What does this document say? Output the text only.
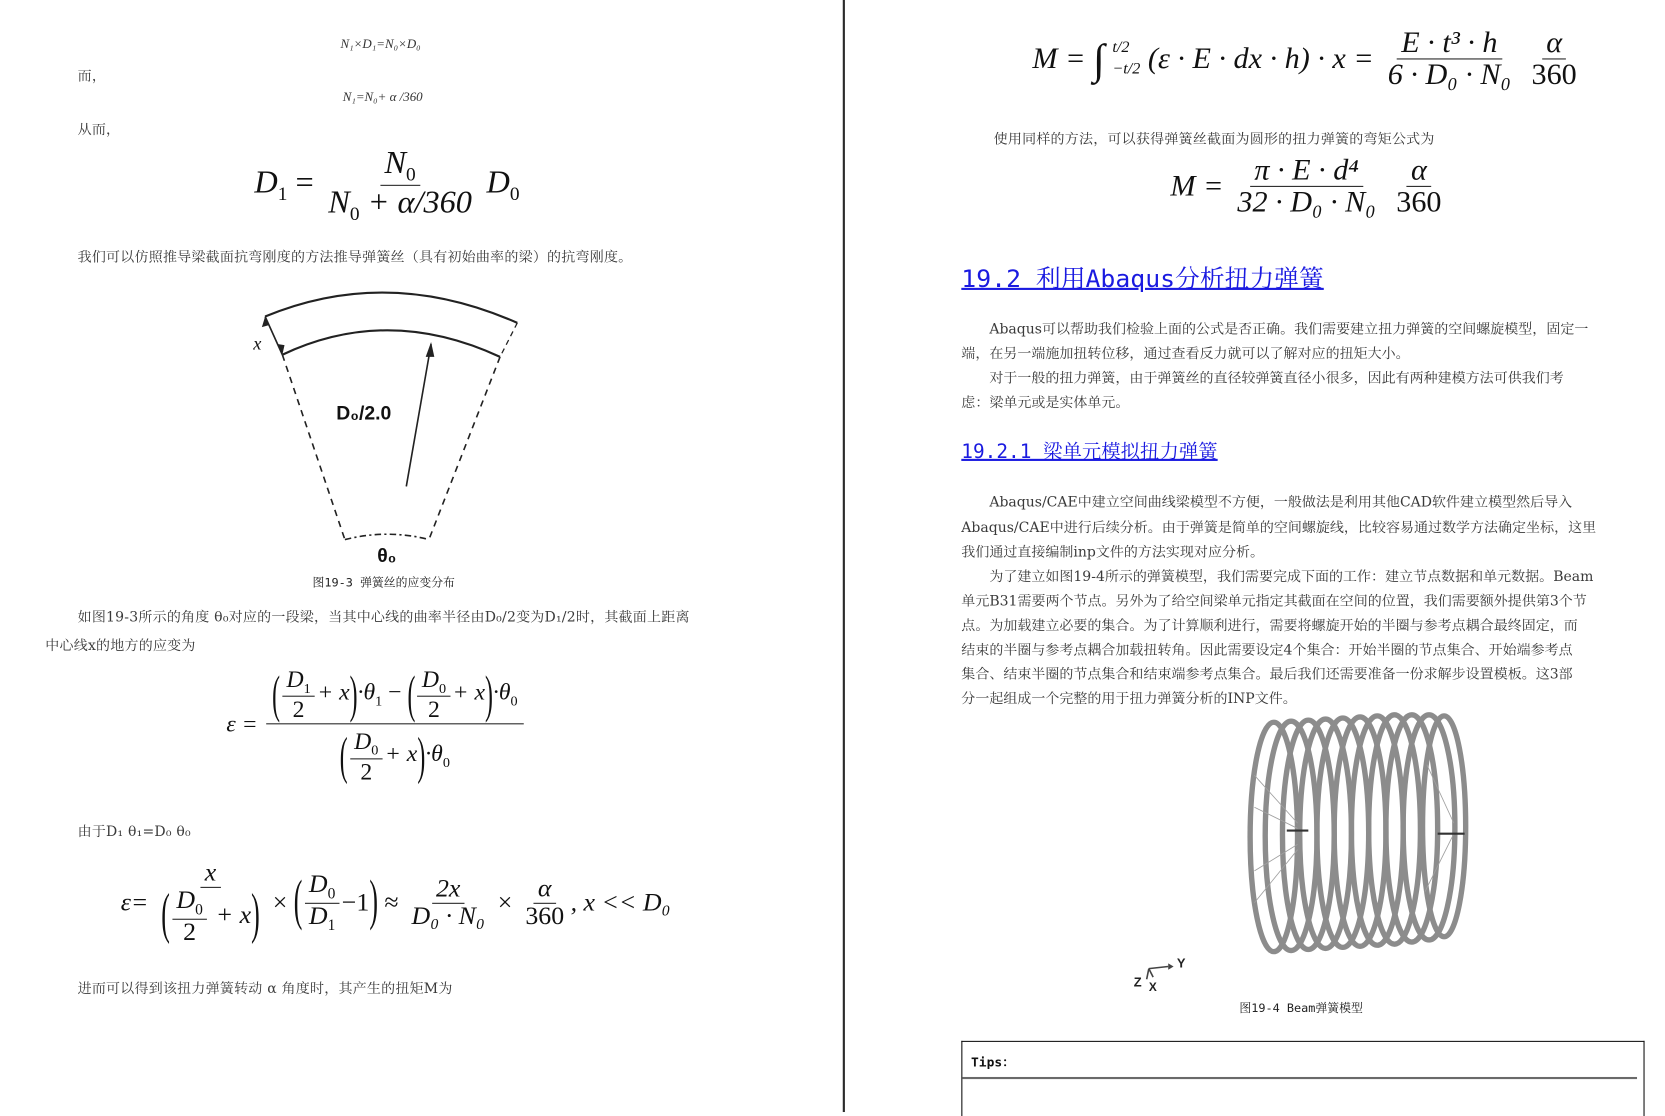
N₁×D₁=N₀×D₀
而，
N₁=N₀+ α /360
从而，
$D_1 = \frac{N_0}{N_0 + \alpha/360} D_0$
我们可以仿照推导梁截面抗弯刚度的方法推导弹簧丝（具有初始曲率的梁）的抗弯刚度。
x
D₀/2.0
θ₀
图19-3 弹簧丝的应变分布
如图19-3所示的角度 θ₀对应的一段梁，当其中心线的曲率半径由D₀/2变为D₁/2时，其截面上距离
中心线x的地方的应变为
$\varepsilon = \frac{( \frac{D_1}{2} + x)\cdot\theta_1 - ( \frac{D_0}{2} + x)\cdot\theta_0}{( \frac{D_0}{2} + x)\cdot\theta_0}$
由于D₁ θ₁=D₀ θ₀
$\varepsilon= \frac{x}{( \frac{D_0}{2} + x)}$ × ( $\frac{D_0}{D_1} -1) \approx \frac{2x}{\text{D₀ · N₀}} \times \frac{\alpha}{360}$ , x << D₀
进而可以得到该扭力弹簧转动 α 角度时，其产生的扭矩M为
M = ∫ t/2
−t/2 (ε · E · dx · $h) \cdot x = \frac{\text{E · t³ · h}}{\text{6 · D₀ · N₀}}$
$\frac{\alpha}{360}$
使用同样的方法，可以获得弹簧丝截面为圆形的扭力弹簧的弯矩公式为
$M = \frac{\text{π · E · d⁴}}{\text{32 · D₀ · N₀}}$
$\frac{\alpha}{360}$
19.2 利用Abaqus分析扭力弹簧
　　Abaqus可以帮助我们检验上面的公式是否正确。我们需要建立扭力弹簧的空间螺旋模型，固定一
端，在另一端施加扭转位移，通过查看反力就可以了解对应的扭矩大小。
　　对于一般的扭力弹簧，由于弹簧丝的直径较弹簧直径小很多，因此有两种建模方法可供我们考
虑：梁单元或是实体单元。
19.2.1 梁单元模拟扭力弹簧
　　Abaqus/CAE中建立空间曲线梁模型不方便，一般做法是利用其他CAD软件建立模型然后导入
Abaqus/CAE中进行后续分析。由于弹簧是简单的空间螺旋线，比较容易通过数学方法确定坐标，这里
我们通过直接编制inp文件的方法实现对应分析。
　　为了建立如图19-4所示的弹簧模型，我们需要完成下面的工作：建立节点数据和单元数据。Beam
单元B31需要两个节点。另外为了给空间梁单元指定其截面在空间的位置，我们需要额外提供第3个节
点。为加载建立必要的集合。为了计算顺利进行，需要将螺旋开始的半圈与参考点耦合最终固定，而
结束的半圈与参考点耦合加载扭转角。因此需要设定4个集合：开始半圈的节点集合、开始端参考点
集合、结束半圈的节点集合和结束端参考点集合。最后我们还需要准备一份求解步设置模板。这3部
分一起组成一个完整的用于扭力弹簧分析的INP文件。
Y
Z X
图19-4 Beam弹簧模型
Tips：
